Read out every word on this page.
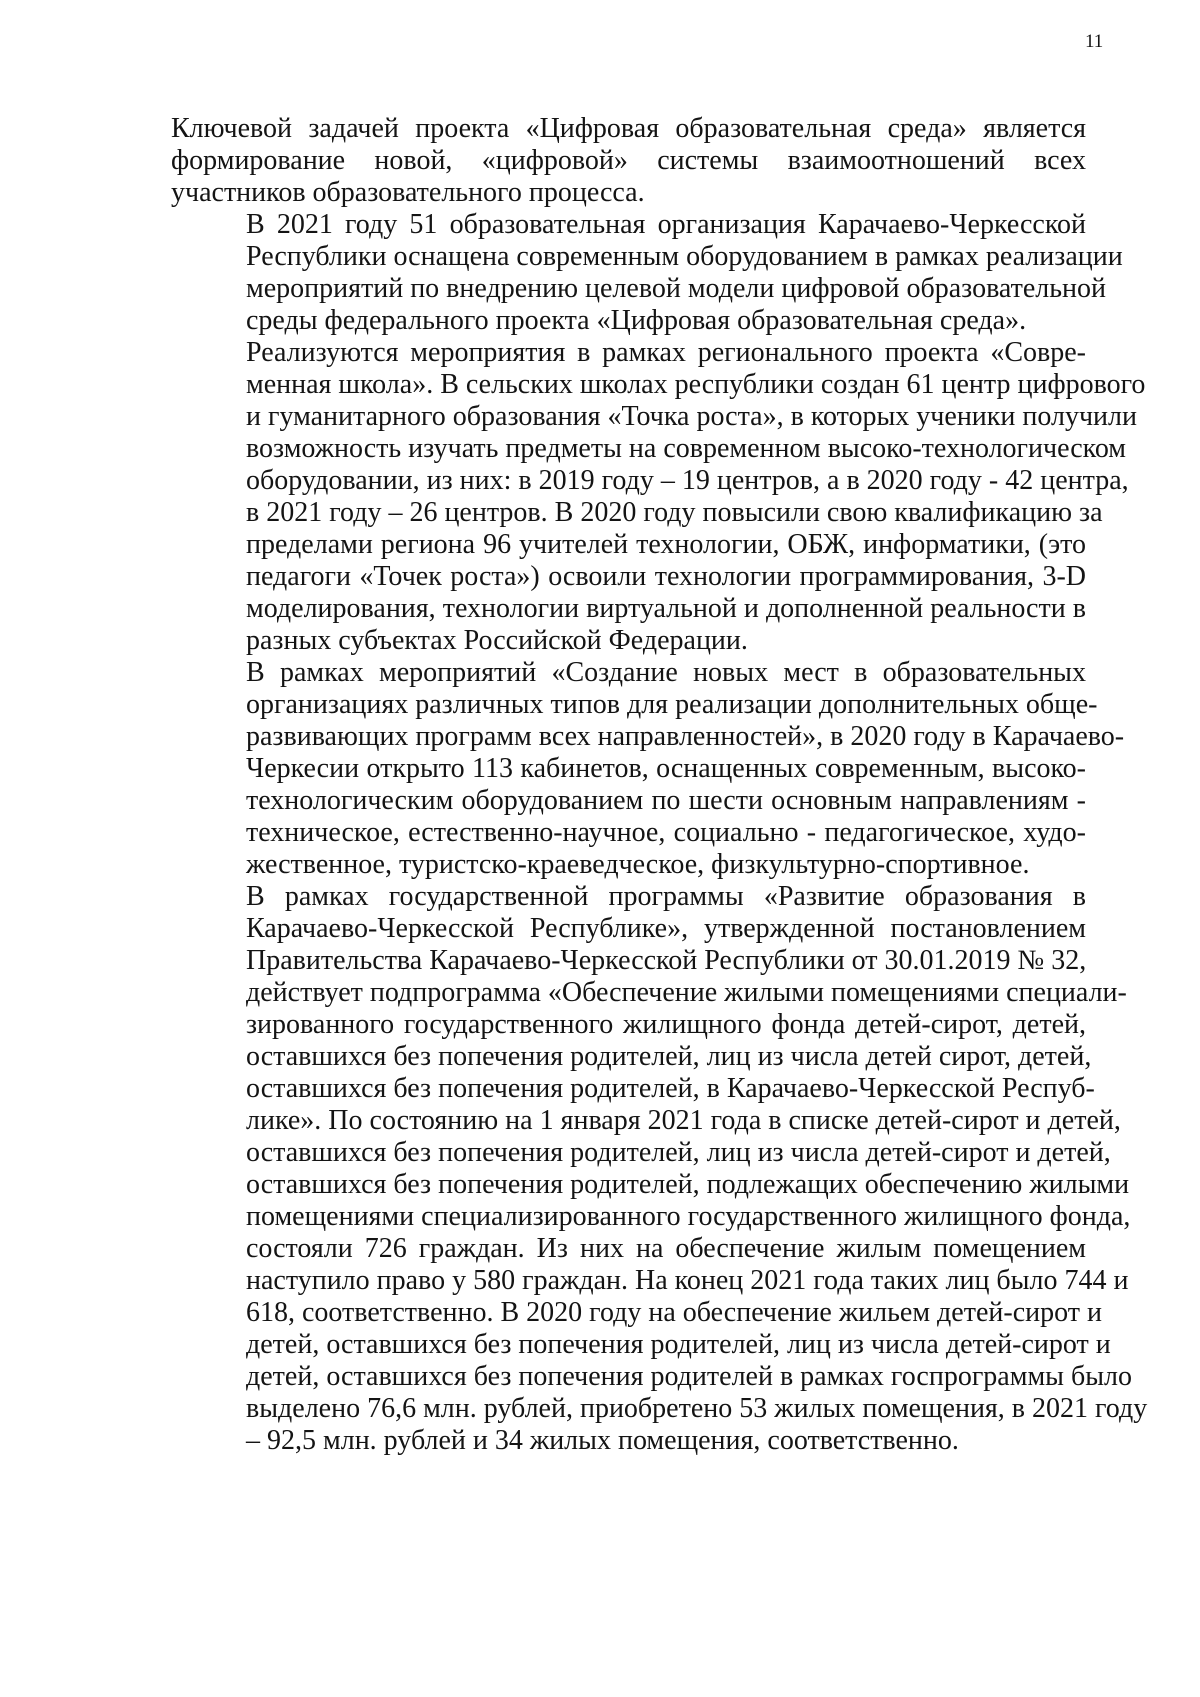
11
Ключевой задачей проекта «Цифровая образовательная среда» является
формирование новой, «цифровой» системы взаимоотношений всех
участников образовательного процесса.
В 2021 году 51 образовательная организация Карачаево-Черкесской
Республики оснащена современным оборудованием в рамках реализации
мероприятий по внедрению целевой модели цифровой образовательной
среды федерального проекта «Цифровая образовательная среда».
Реализуются мероприятия в рамках регионального проекта «Совре-
менная школа». В сельских школах республики создан 61 центр цифрового
и гуманитарного образования «Точка роста», в которых ученики получили
возможность изучать предметы на современном высоко-технологическом
оборудовании, из них: в 2019 году – 19 центров, а в 2020 году - 42 центра,
в 2021 году – 26 центров. В 2020 году повысили свою квалификацию за
пределами региона 96 учителей технологии, ОБЖ, информатики, (это
педагоги «Точек роста») освоили технологии программирования, 3-D
моделирования, технологии виртуальной и дополненной реальности в
разных субъектах Российской Федерации.
В рамках мероприятий «Создание новых мест в образовательных
организациях различных типов для реализации дополнительных обще-
развивающих программ всех направленностей», в 2020 году в Карачаево-
Черкесии открыто 113 кабинетов, оснащенных современным, высоко-
технологическим оборудованием по шести основным направлениям -
техническое, естественно-научное, социально - педагогическое, худо-
жественное, туристско-краеведческое, физкультурно-спортивное.
В рамках государственной программы «Развитие образования в
Карачаево-Черкесской Республике», утвержденной постановлением
Правительства Карачаево-Черкесской Республики от 30.01.2019 № 32,
действует подпрограмма «Обеспечение жилыми помещениями специали-
зированного государственного жилищного фонда детей-сирот, детей,
оставшихся без попечения родителей, лиц из числа детей сирот, детей,
оставшихся без попечения родителей, в Карачаево-Черкесской Респуб-
лике». По состоянию на 1 января 2021 года в списке детей-сирот и детей,
оставшихся без попечения родителей, лиц из числа детей-сирот и детей,
оставшихся без попечения родителей, подлежащих обеспечению жилыми
помещениями специализированного государственного жилищного фонда,
состояли 726 граждан. Из них на обеспечение жилым помещением
наступило право у 580 граждан. На конец 2021 года таких лиц было 744 и
618, соответственно. В 2020 году на обеспечение жильем детей-сирот и
детей, оставшихся без попечения родителей, лиц из числа детей-сирот и
детей, оставшихся без попечения родителей в рамках госпрограммы было
выделено 76,6 млн. рублей, приобретено 53 жилых помещения, в 2021 году
– 92,5 млн. рублей и 34 жилых помещения, соответственно.
